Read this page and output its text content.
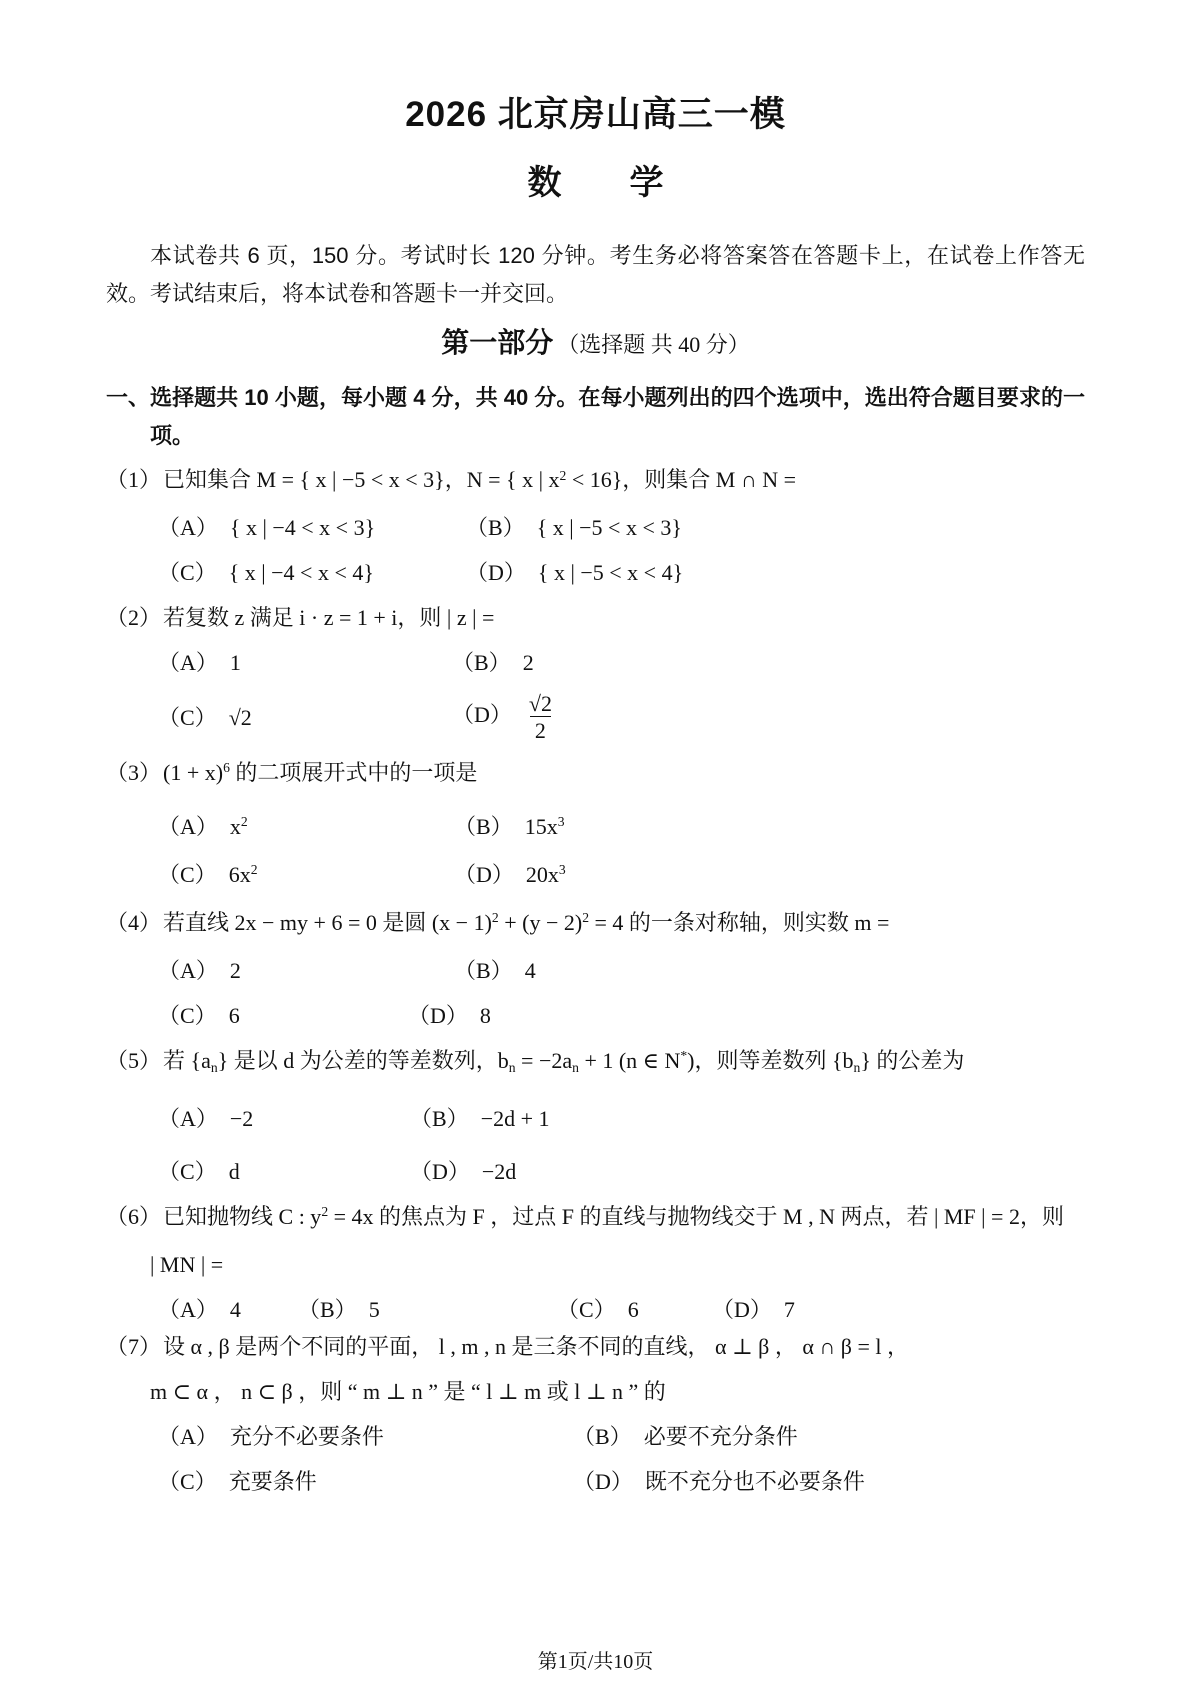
2026 北京房山高三一模
数　　学

本试卷共 6 页，150 分。考试时长 120 分钟。考生务必将答案答在答题卡上，在试卷上作答无效。考试结束后，将本试卷和答题卡一并交回。

第一部分 （选择题 共 40 分）

一、选择题共 10 小题，每小题 4 分，共 40 分。在每小题列出的四个选项中，选出符合题目要求的一项。

（1）已知集合 M = { x | −5 < x < 3}，N = { x | $x^2 < 16$}，则集合 M ∩ N =

（A） { x | −4 < x < 3}	（B） { x | −5 < x < 3}
（C） { x | −4 < x < 4}	（D） { x | −5 < x < 4}

（2）若复数 z 满足 i · z = 1 + i，则 | z | =

（A） 1	（B） 2
（C） √2	$(D) \frac{√2}{2}$

$(3)(1 + x)^6$ 的二项展开式中的一项是

（A） $x^2$	（B） $15x^3$
（C） $6x^2$	（D） $20x^3$

（4）若直线 2x − my + 6 = 0 是圆 $(x - 1)^2 + (y - 2)^2 = 4$ 的一条对称轴，则实数 m =

（A） 2	（B） 4
（C） 6	（D） 8

（5）若 $\{a_n\}$ 是以 d 为公差的等差数列，$b_n = -2a_n + 1$ (n ∈ N*)，则等差数列 $\{b_n\}$ 的公差为

（A） −2	（B） −2d + 1
（C） d	（D） −2d

（6）已知抛物线 C : $y^2 = 4x$ 的焦点为 F ，过点 F 的直线与抛物线交于 M , N 两点，若 | MF | = 2，则

| MN | =

（A） 4	（B） 5	（C） 6	（D） 7

（7）设 α , β 是两个不同的平面， l , m , n 是三条不同的直线， α ⊥ β ， α ∩ β = l ，

m ⊂ α ， n ⊂ β ，则 “ m ⊥ n ” 是 “ l ⊥ m 或 l ⊥ n ” 的

（A） 充分不必要条件	（B） 必要不充分条件
（C） 充要条件	（D） 既不充分也不必要条件
第1页/共10页
